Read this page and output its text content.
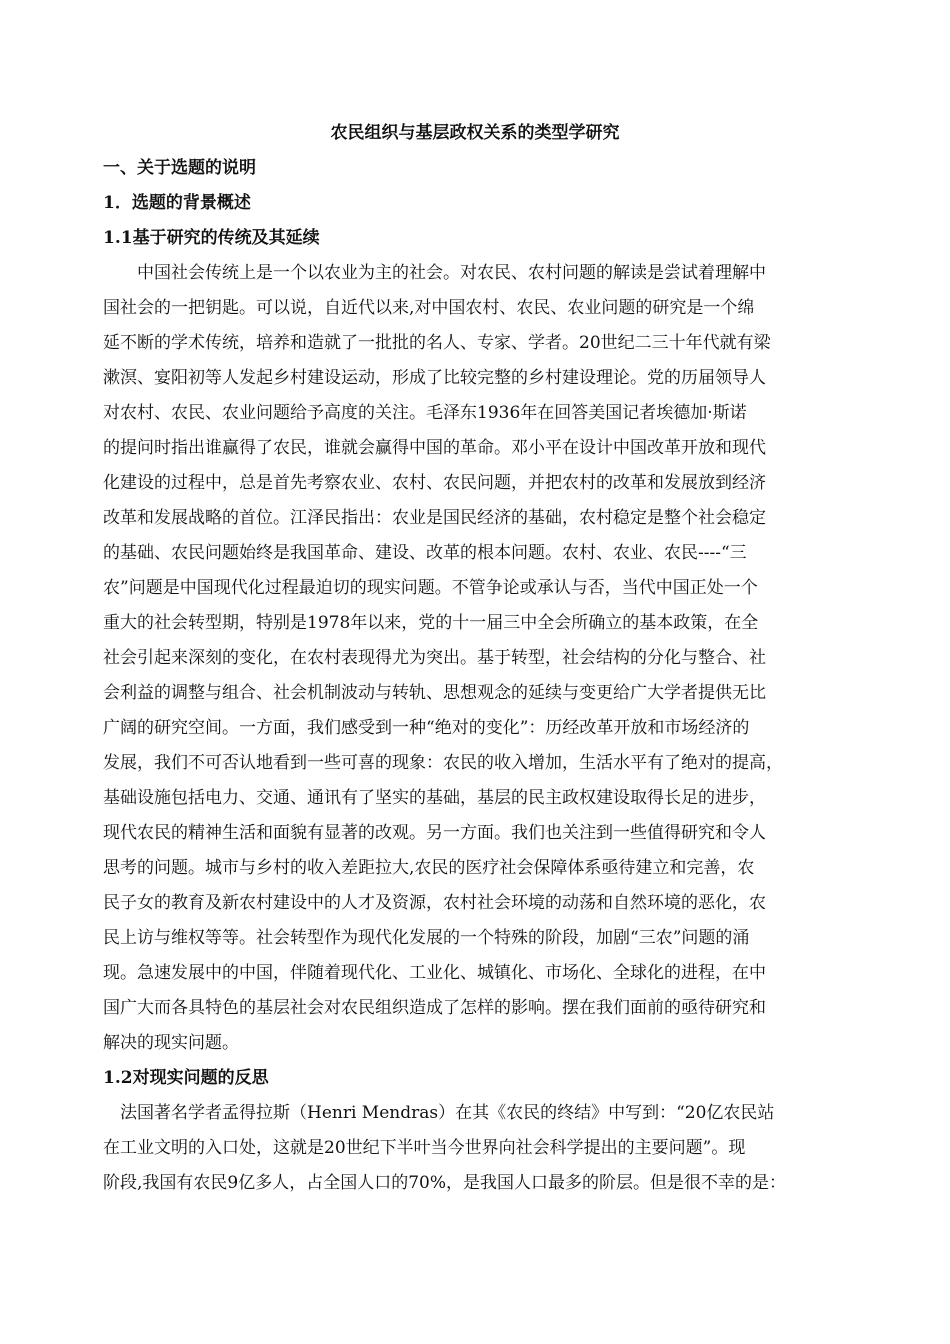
农民组织与基层政权关系的类型学研究
一、关于选题的说明
1．选题的背景概述
1.1基于研究的传统及其延续
中国社会传统上是一个以农业为主的社会。对农民、农村问题的解读是尝试着理解中
国社会的一把钥匙。可以说，自近代以来,对中国农村、农民、农业问题的研究是一个绵
延不断的学术传统，培养和造就了一批批的名人、专家、学者。20世纪二三十年代就有梁
漱溟、宴阳初等人发起乡村建设运动，形成了比较完整的乡村建设理论。党的历届领导人
对农村、农民、农业问题给予高度的关注。毛泽东1936年在回答美国记者埃德加·斯诺
的提问时指出谁赢得了农民，谁就会赢得中国的革命。邓小平在设计中国改革开放和现代
化建设的过程中，总是首先考察农业、农村、农民问题，并把农村的改革和发展放到经济
改革和发展战略的首位。江泽民指出：农业是国民经济的基础，农村稳定是整个社会稳定
的基础、农民问题始终是我国革命、建设、改革的根本问题。农村、农业、农民----“三
农”问题是中国现代化过程最迫切的现实问题。不管争论或承认与否，当代中国正处一个
重大的社会转型期，特别是1978年以来，党的十一届三中全会所确立的基本政策，在全
社会引起来深刻的变化，在农村表现得尤为突出。基于转型，社会结构的分化与整合、社
会利益的调整与组合、社会机制波动与转轨、思想观念的延续与变更给广大学者提供无比
广阔的研究空间。一方面，我们感受到一种“绝对的变化”：历经改革开放和市场经济的
发展，我们不可否认地看到一些可喜的现象：农民的收入增加，生活水平有了绝对的提高，
基础设施包括电力、交通、通讯有了坚实的基础，基层的民主政权建设取得长足的进步，
现代农民的精神生活和面貌有显著的改观。另一方面。我们也关注到一些值得研究和令人
思考的问题。城市与乡村的收入差距拉大,农民的医疗社会保障体系亟待建立和完善，农
民子女的教育及新农村建设中的人才及资源，农村社会环境的动荡和自然环境的恶化，农
民上访与维权等等。社会转型作为现代化发展的一个特殊的阶段，加剧“三农”问题的涌
现。急速发展中的中国，伴随着现代化、工业化、城镇化、市场化、全球化的进程，在中
国广大而各具特色的基层社会对农民组织造成了怎样的影响。摆在我们面前的亟待研究和
解决的现实问题。
1.2对现实问题的反思
法国著名学者孟得拉斯（Henri Mendras）在其《农民的终结》中写到：“20亿农民站
在工业文明的入口处，这就是20世纪下半叶当今世界向社会科学提出的主要问题”。现
阶段,我国有农民9亿多人，占全国人口的70%，是我国人口最多的阶层。但是很不幸的是：
